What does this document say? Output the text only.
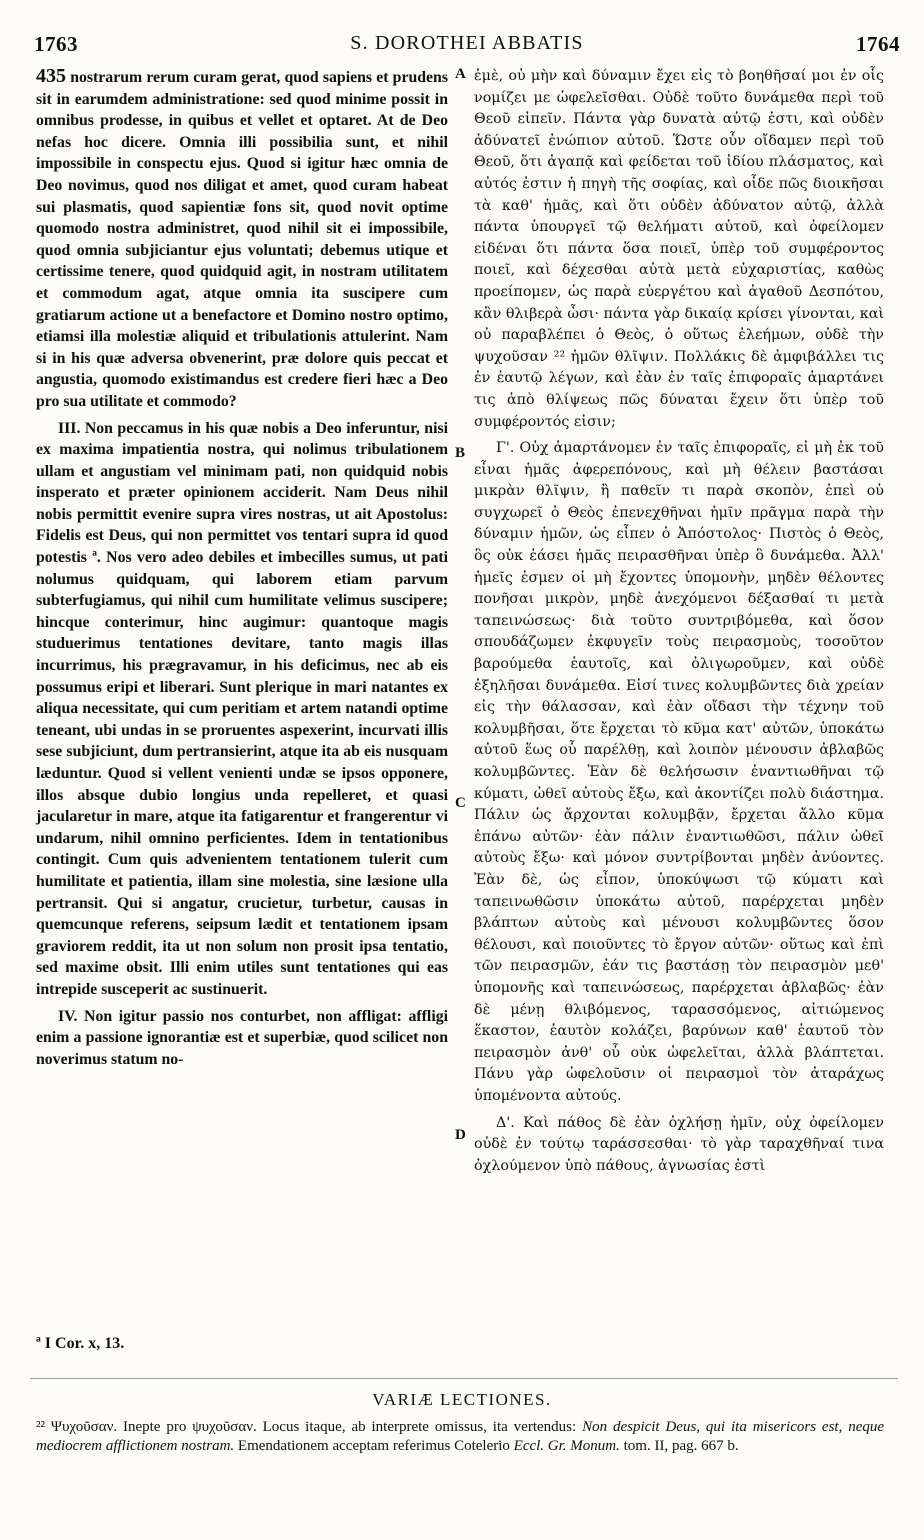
1763	S. DOROTHEI ABBATIS	1764

435 nostrarum rerum curam gerat, quod sapiens et prudens sit in earumdem administratione: sed quod minime possit in omnibus prodesse, in quibus et vellet et optaret. At de Deo nefas hoc dicere. Omnia illi possibilia sunt, et nihil impossibile in conspectu ejus. Quod si igitur hæc omnia de Deo novimus, quod nos diligat et amet, quod curam habeat sui plasmatis, quod sapientiæ fons sit, quod novit optime quomodo nostra administret, quod nihil sit ei impossibile, quod omnia subjiciantur ejus voluntati; debemus utique et certissime tenere, quod quidquid agit, in nostram utilitatem et commodum agat, atque omnia ita suscipere cum gratiarum actione ut a benefactore et Domino nostro optimo, etiamsi illa molestiæ aliquid et tribulationis attulerint. Nam si in his quæ adversa obvenerint, præ dolore quis peccat et angustia, quomodo existimandus est credere fieri hæc a Deo pro sua utilitate et commodo?

III. Non peccamus in his quæ nobis a Deo inferuntur, nisi ex maxima impatientia nostra, qui nolimus tribulationem ullam et angustiam vel minimam pati, non quidquid nobis insperato et præter opinionem acciderit. Nam Deus nihil nobis permittit evenire supra vires nostras, ut ait Apostolus: Fidelis est Deus, qui non permittet vos tentari supra id quod potestis ª. Nos vero adeo debiles et imbecilles sumus, ut pati nolumus quidquam, qui laborem etiam parvum subterfugiamus, qui nihil cum humilitate velimus suscipere; hincque conterimur, hinc augimur: quantoque magis studuerimus tentationes devitare, tanto magis illas incurrimus, his prægravamur, in his deficimus, nec ab eis possumus eripi et liberari. Sunt plerique in mari natantes ex aliqua necessitate, qui cum peritiam et artem natandi optime teneant, ubi undas in se proruentes aspexerint, incurvati illis sese subjiciunt, dum pertransierint, atque ita ab eis nusquam læduntur. Quod si vellent venienti undæ se ipsos opponere, illos absque dubio longius unda repelleret, et quasi jacularetur in mare, atque ita fatigarentur et frangerentur vi undarum, nihil omnino perficientes. Idem in tentationibus contingit. Cum quis advenientem tentationem tulerit cum humilitate et patientia, illam sine molestia, sine læsione ulla pertransit. Qui si angatur, crucietur, turbetur, causas in quemcunque referens, seipsum lædit et tentationem ipsam graviorem reddit, ita ut non solum non prosit ipsa tentatio, sed maxime obsit. Illi enim utiles sunt tentationes qui eas intrepide susceperit ac sustinuerit.

IV. Non igitur passio nos conturbet, non affligat: affligi enim a passione ignorantiæ est et superbiæ, quod scilicet non noverimus statum no-

A
B
C
D

ἐμὲ, οὐ μὴν καὶ δύναμιν ἔχει εἰς τὸ βοηθῆσαί μοι ἐν οἷς νομίζει με ὠφελεῖσθαι. Οὐδὲ τοῦτο δυνάμεθα περὶ τοῦ Θεοῦ εἰπεῖν. Πάντα γὰρ δυνατὰ αὐτῷ ἐστι, καὶ οὐδὲν ἀδύνατεῖ ἐνώπιον αὐτοῦ. Ὥστε οὖν οἴδαμεν περὶ τοῦ Θεοῦ, ὅτι ἀγαπᾷ καὶ φείδεται τοῦ ἰδίου πλάσματος, καὶ αὐτός ἐστιν ἡ πηγὴ τῆς σοφίας, καὶ οἶδε πῶς διοικῆσαι τὰ καθ' ἡμᾶς, καὶ ὅτι οὐδὲν ἀδύνατον αὐτῷ, ἀλλὰ πάντα ὑπουργεῖ τῷ θελήματι αὐτοῦ, καὶ ὀφείλομεν εἰδέναι ὅτι πάντα ὅσα ποιεῖ, ὑπὲρ τοῦ συμφέροντος ποιεῖ, καὶ δέχεσθαι αὐτὰ μετὰ εὐχαριστίας, καθὼς προείπομεν, ὡς παρὰ εὐεργέτου καὶ ἀγαθοῦ Δεσπότου, κἂν θλιβερὰ ὦσι· πάντα γὰρ δικαίᾳ κρίσει γίνονται, καὶ οὐ παραβλέπει ὁ Θεὸς, ὁ οὕτως ἐλεήμων, οὐδὲ τὴν ψυχοῦσαν ²² ἡμῶν θλῖψιν. Πολλάκις δὲ ἀμφιβάλλει τις ἐν ἑαυτῷ λέγων, καὶ ἐὰν ἐν ταῖς ἐπιφοραῖς ἁμαρτάνει τις ἀπὸ θλίψεως πῶς δύναται ἔχειν ὅτι ὑπὲρ τοῦ συμφέροντός εἰσιν;

Γ'. Οὐχ ἁμαρτάνομεν ἐν ταῖς ἐπιφοραῖς, εἰ μὴ ἐκ τοῦ εἶναι ἡμᾶς ἀφερεπόνους, καὶ μὴ θέλειν βαστάσαι μικρὰν θλῖψιν, ἢ παθεῖν τι παρὰ σκοπὸν, ἐπεὶ οὐ συγχωρεῖ ὁ Θεὸς ἐπενεχθῆναι ἡμῖν πρᾶγμα παρὰ τὴν δύναμιν ἡμῶν, ὡς εἶπεν ὁ Ἀπόστολος· Πιστὸς ὁ Θεὸς, ὃς οὐκ ἐάσει ἡμᾶς πειρασθῆναι ὑπὲρ ὃ δυνάμεθα. Ἀλλ' ἡμεῖς ἐσμεν οἱ μὴ ἔχοντες ὑπομονὴν, μηδὲν θέλοντες πονῆσαι μικρὸν, μηδὲ ἀνεχόμενοι δέξασθαί τι μετὰ ταπεινώσεως· διὰ τοῦτο συντριβόμεθα, καὶ ὅσον σπουδάζωμεν ἐκφυγεῖν τοὺς πειρασμοὺς, τοσοῦτον βαρούμεθα ἑαυτοῖς, καὶ ὀλιγωροῦμεν, καὶ οὐδὲ ἐξηλῆσαι δυνάμεθα. Εἰσί τινες κολυμβῶντες διὰ χρείαν εἰς τὴν θάλασσαν, καὶ ἐὰν οἴδασι τὴν τέχνην τοῦ κολυμβῆσαι, ὅτε ἔρχεται τὸ κῦμα κατ' αὐτῶν, ὑποκάτω αὐτοῦ ἕως οὗ παρέλθῃ, καὶ λοιπὸν μένουσιν ἀβλαβῶς κολυμβῶντες. Ἐὰν δὲ θελήσωσιν ἐναντιωθῆναι τῷ κύματι, ὠθεῖ αὐτοὺς ἔξω, καὶ ἀκοντίζει πολὺ διάστημα. Πάλιν ὡς ἄρχονται κολυμβᾷν, ἔρχεται ἄλλο κῦμα ἐπάνω αὐτῶν· ἐὰν πάλιν ἐναντιωθῶσι, πάλιν ὠθεῖ αὐτοὺς ἔξω· καὶ μόνον συντρίβονται μηδὲν ἀνύοντες. Ἐὰν δὲ, ὡς εἶπον, ὑποκύψωσι τῷ κύματι καὶ ταπεινωθῶσιν ὑποκάτω αὐτοῦ, παρέρχεται μηδὲν βλάπτων αὐτοὺς καὶ μένουσι κολυμβῶντες ὅσον θέλουσι, καὶ ποιοῦντες τὸ ἔργον αὐτῶν· οὕτως καὶ ἐπὶ τῶν πειρασμῶν, ἐάν τις βαστάσῃ τὸν πειρασμὸν μεθ' ὑπομονῆς καὶ ταπεινώσεως, παρέρχεται ἀβλαβῶς· ἐὰν δὲ μένῃ θλιβόμενος, ταρασσόμενος, αἰτιώμενος ἕκαστον, ἑαυτὸν κολάζει, βαρύνων καθ' ἑαυτοῦ τὸν πειρασμὸν ἀνθ' οὗ οὐκ ὠφελεῖται, ἀλλὰ βλάπτεται. Πάνυ γὰρ ὠφελοῦσιν οἱ πειρασμοὶ τὸν ἀταράχως ὑπομένοντα αὐτούς.

Δ'. Καὶ πάθος δὲ ἐὰν ὀχλήσῃ ἡμῖν, οὐχ ὀφείλομεν οὐδὲ ἐν τούτῳ ταράσσεσθαι· τὸ γὰρ ταραχθῆναί τινα ὀχλούμενον ὑπὸ πάθους, ἀγνωσίας ἐστὶ

ª I Cor. x, 13.
VARIÆ LECTIONES.
²² Ψυχοῦσαν. Inepte pro ψυχοῦσαν. Locus itaque, ab interprete omissus, ita vertendus: Non despicit Deus, qui ita misericors est, neque mediocrem afflictionem nostram. Emendationem acceptam referimus Cotelerio Eccl. Gr. Monum. tom. II, pag. 667 b.
